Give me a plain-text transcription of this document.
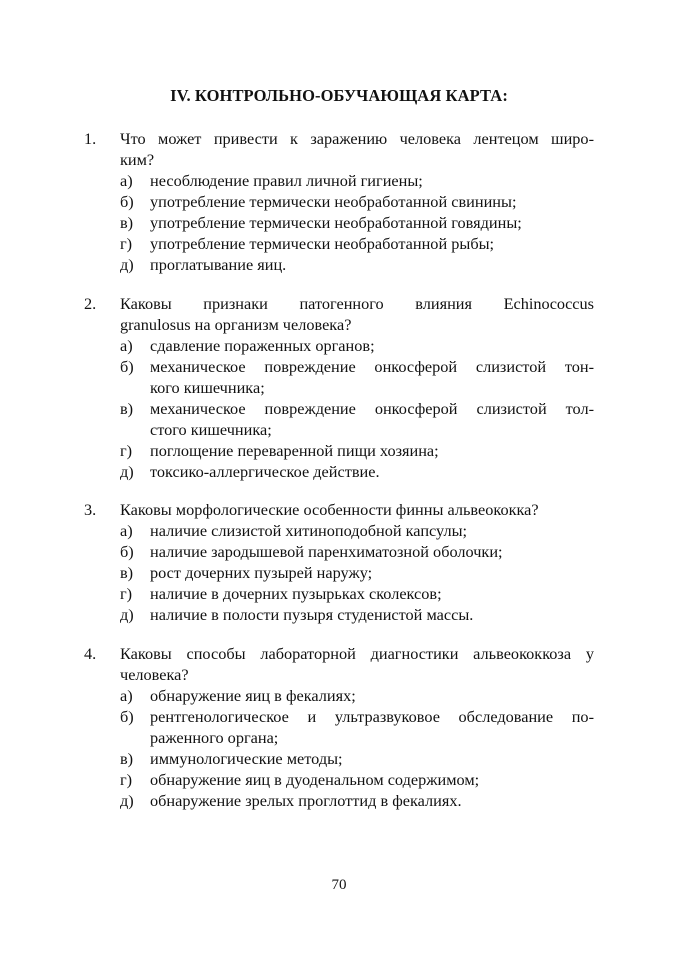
IV. КОНТРОЛЬНО-ОБУЧАЮЩАЯ КАРТА:
1. Что может привести к заражению человека лентецом широ-
ким?
а) несоблюдение правил личной гигиены;
б) употребление термически необработанной свинины;
в) употребление термически необработанной говядины;
г) употребление термически необработанной рыбы;
д) проглатывание яиц.
2. Каковы признаки патогенного влияния Echinococcus
granulosus на организм человека?
а) сдавление пораженных органов;
б) механическое повреждение онкосферой слизистой тон-
кого кишечника;
в) механическое повреждение онкосферой слизистой тол-
стого кишечника;
г) поглощение переваренной пищи хозяина;
д) токсико-аллергическое действие.
3. Каковы морфологические особенности финны альвеококка?
а) наличие слизистой хитиноподобной капсулы;
б) наличие зародышевой паренхиматозной оболочки;
в) рост дочерних пузырей наружу;
г) наличие в дочерних пузырьках сколексов;
д) наличие в полости пузыря студенистой массы.
4. Каковы способы лабораторной диагностики альвеококкоза у
человека?
а) обнаружение яиц в фекалиях;
б) рентгенологическое и ультразвуковое обследование по-
раженного органа;
в) иммунологические методы;
г) обнаружение яиц в дуоденальном содержимом;
д) обнаружение зрелых проглоттид в фекалиях.
70
